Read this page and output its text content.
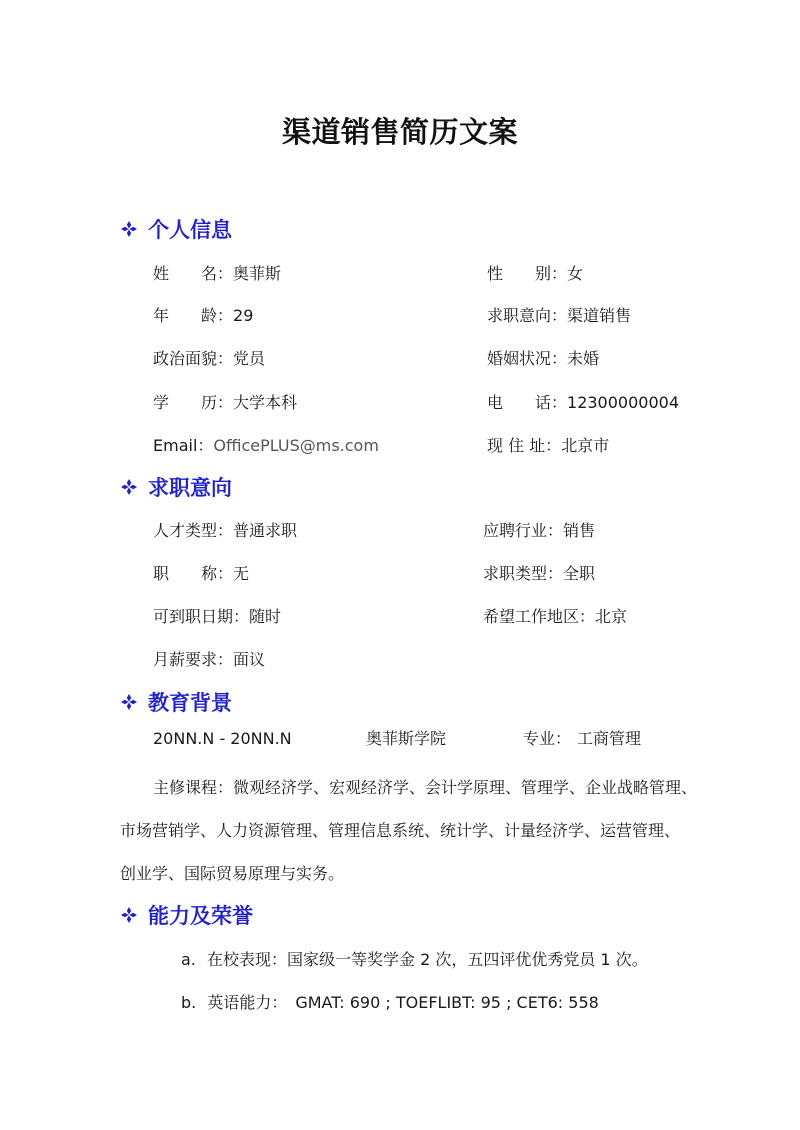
渠道销售简历文案
个人信息
姓　　名：奥菲斯	性　　别：女
年　　龄：29	求职意向：渠道销售
政治面貌：党员	婚姻状况：未婚
学　　历：大学本科	电　　话：12300000004
Email：OfficePLUS@ms.com	现 住 址：北京市
求职意向
人才类型：普通求职	应聘行业：销售
职　　称：无	求职类型：全职
可到职日期：随时	希望工作地区：北京
月薪要求：面议
教育背景
20NN.N - 20NN.N	奥菲斯学院	专业： 工商管理
主修课程：微观经济学、宏观经济学、会计学原理、管理学、企业战略管理、
市场营销学、人力资源管理、管理信息系统、统计学、计量经济学、运营管理、
创业学、国际贸易原理与实务。
能力及荣誉
a. 在校表现：国家级一等奖学金 2 次，五四评优优秀党员 1 次。
b. 英语能力：　GMAT: 690 ; TOEFLIBT: 95 ; CET6: 558
